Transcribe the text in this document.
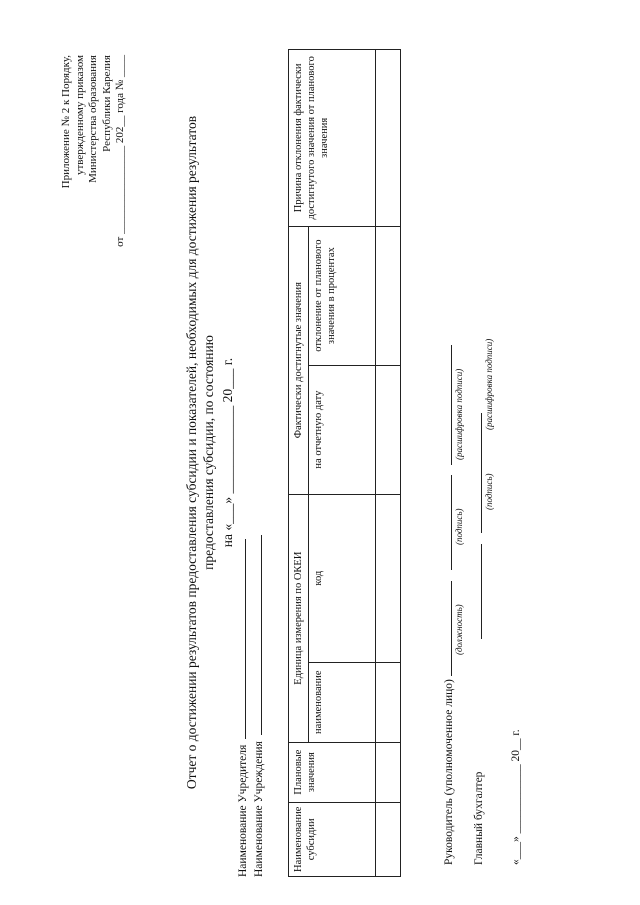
Приложение № 2 к Порядку, утвержденному приказом Министерства образования Республики Карелия от ________________ 202__ года № ____	Отчет о достижении результатов предоставления субсидии и показателей, необходимых для достижения результатов предоставления субсидии, по состоянию на «___» _____________ 20___ г.
Наименование Учредителя Наименование Учреждения	Наименование субсидии	Плановые значения	Единица измерения по ОКЕИ		Фактически достигнутые значения		Причина отклонения фактически достигнутого значения от планового значения
		наименование	код	на отчетную дату	отклонение от планового значения в процентах	

Руководитель (уполномоченное лицо)
(должность)
(подпись)
(расшифровка подписи)
Главный бухгалтер
(подпись)
(расшифровка подписи)
«___» ____________ 20__ г.
